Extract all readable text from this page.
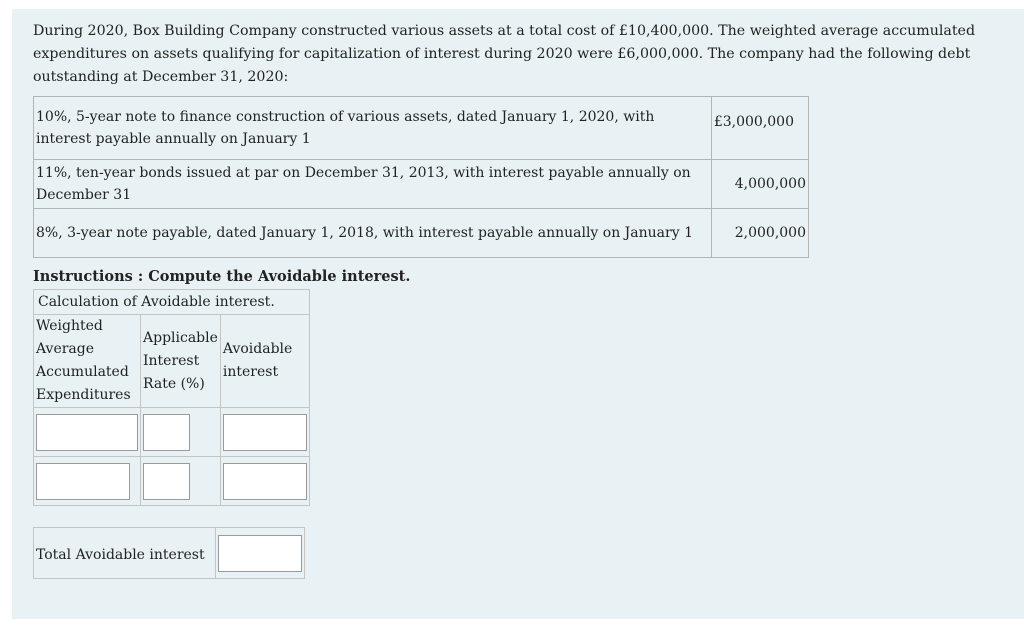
During 2020, Box Building Company constructed various assets at a total cost of £10,400,000. The weighted average accumulated expenditures on assets qualifying for capitalization of interest during 2020 were £6,000,000. The company had the following debt outstanding at December 31, 2020:
10%, 5-year note to finance construction of various assets, dated January 1, 2020, with interest payable annually on January 1	£3,000,000
11%, ten-year bonds issued at par on December 31, 2013, with interest payable annually on December 31	4,000,000
8%, 3-year note payable, dated January 1, 2018, with interest payable annually on January 1	2,000,000
Instructions : Compute the Avoidable interest.
Calculation of Avoidable interest.		
Weighted Average Accumulated Expenditures	Applicable Interest Rate (%)	Avoidable interest

Total Avoidable interest	
